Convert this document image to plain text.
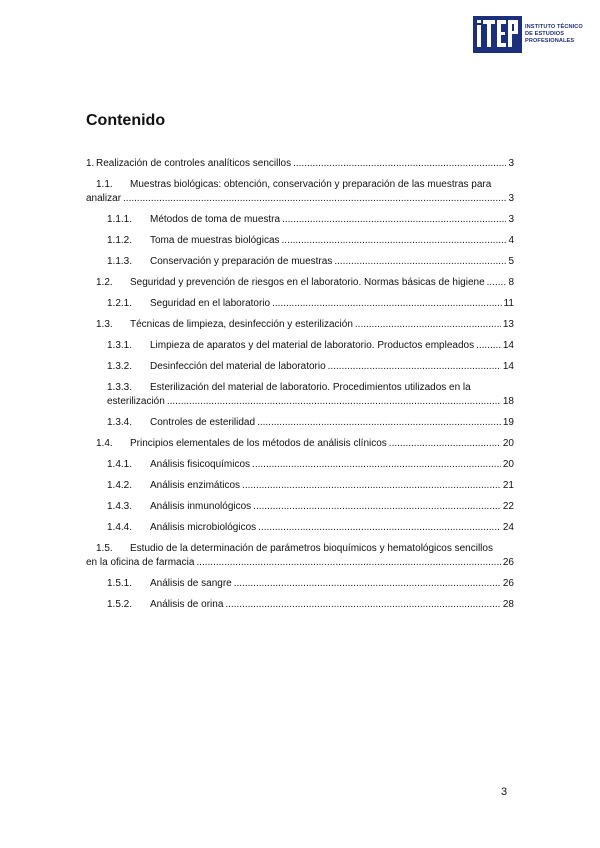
INSTITUTO TÉCNICO
DE ESTUDIOS
PROFESIONALES
Contenido
1. Realización de controles analíticos sencillos .....	3
1.1. Muestras biológicas: obtención, conservación y preparación de las muestras para
analizar .....	3
1.1.1. Métodos de toma de muestra .....	3
1.1.2. Toma de muestras biológicas .....	4
1.1.3. Conservación y preparación de muestras .....	5
1.2. Seguridad y prevención de riesgos en el laboratorio. Normas básicas de higiene ..... 8
1.2.1. Seguridad en el laboratorio .....	11
1.3. Técnicas de limpieza, desinfección y esterilización .....	13
1.3.1. Limpieza de aparatos y del material de laboratorio. Productos empleados .....	14
1.3.2. Desinfección del material de laboratorio .....	14
1.3.3. Esterilización del material de laboratorio. Procedimientos utilizados en la
esterilización .....	18
1.3.4. Controles de esterilidad .....	19
1.4. Principios elementales de los métodos de análisis clínicos .....	20
1.4.1. Análisis fisicoquímicos .....	20
1.4.2. Análisis enzimáticos .....	21
1.4.3. Análisis inmunológicos .....	22
1.4.4. Análisis microbiológicos .....	24
1.5. Estudio de la determinación de parámetros bioquímicos y hematológicos sencillos
en la oficina de farmacia .....	26
1.5.1. Análisis de sangre .....	26
1.5.2. Análisis de orina .....	28
3
